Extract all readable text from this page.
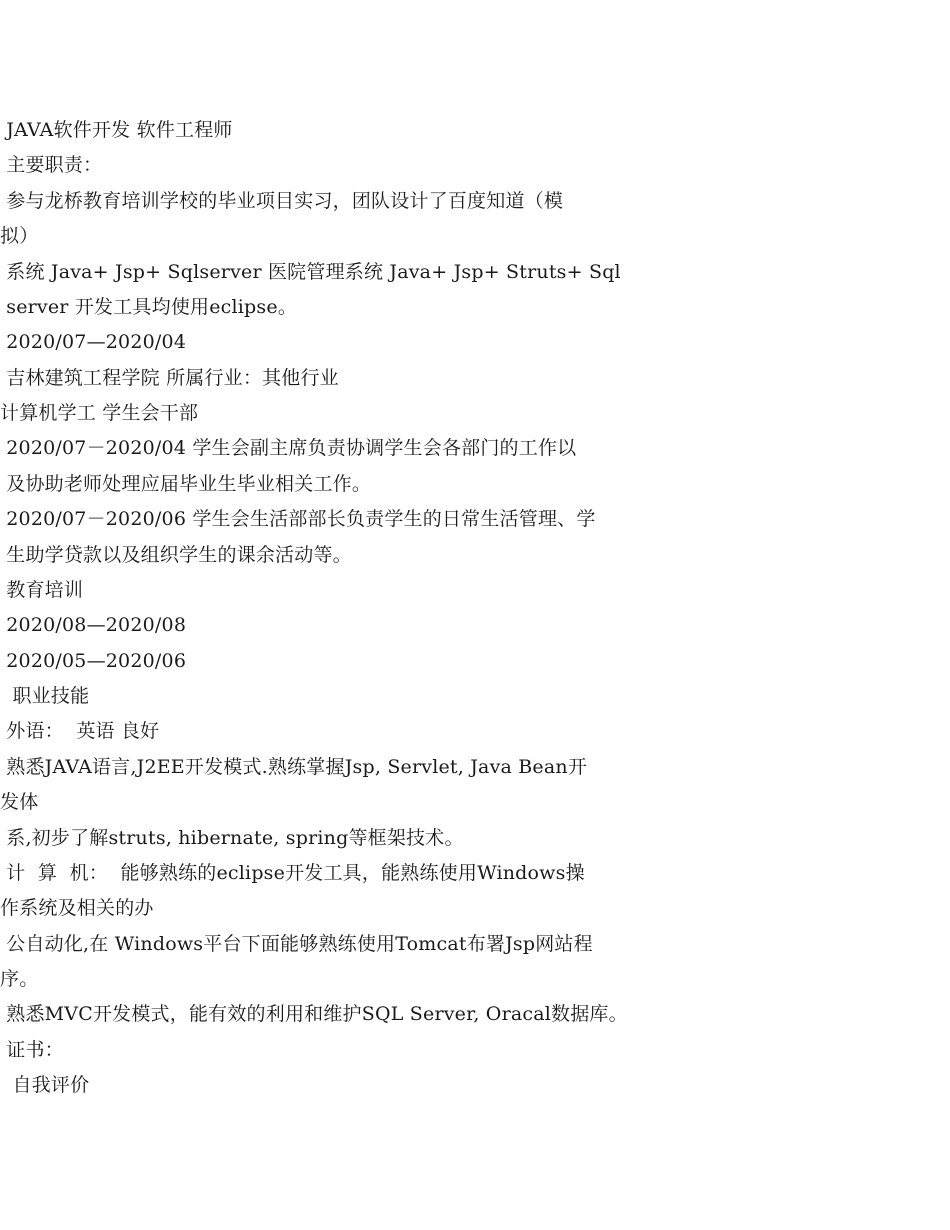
JAVA软件开发 软件工程师

主要职责：

参与龙桥教育培训学校的毕业项目实习，团队设计了百度知道（模

拟）

系统 Java+ Jsp+ Sqlserver 医院管理系统 Java+ Jsp+ Struts+ Sql

server 开发工具均使用eclipse。

2020/07—2020/04

吉林建筑工程学院 所属行业：其他行业

计算机学工 学生会干部

2020/07－2020/04 学生会副主席负责协调学生会各部门的工作以

及协助老师处理应届毕业生毕业相关工作。

2020/07－2020/06 学生会生活部部长负责学生的日常生活管理、学

生助学贷款以及组织学生的课余活动等。

教育培训

2020/08—2020/08

2020/05—2020/06

职业技能

外语：  英语 良好

熟悉JAVA语言,J2EE开发模式.熟练掌握Jsp, Servlet, Java Bean开

发体

系,初步了解struts, hibernate, spring等框架技术。

计  算  机：  能够熟练的eclipse开发工具，能熟练使用Windows操

作系统及相关的办

公自动化,在 Windows平台下面能够熟练使用Tomcat布署Jsp网站程

序。

熟悉MVC开发模式，能有效的利用和维护SQL Server, Oracal数据库。

证书：

自我评价
